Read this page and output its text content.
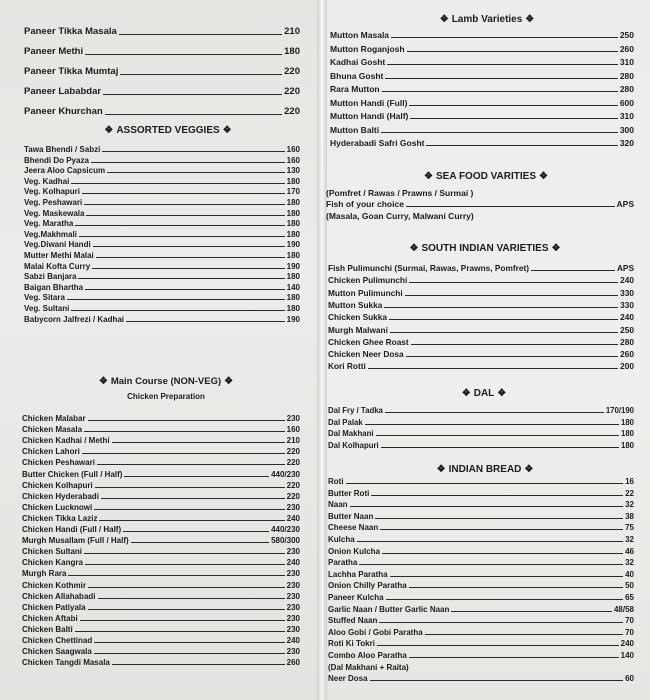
Paneer Tikka Masala	210
Paneer Methi	180
Paneer Tikka Mumtaj	220
Paneer Lababdar	220
Paneer Khurchan	220
❖ ASSORTED VEGGIES ❖
Tawa Bhendi / Sabzi	160
Bhendi Do Pyaza	160
Jeera Aloo Capsicum	130
Veg. Kadhai	180
Veg. Kolhapuri	170
Veg. Peshawari	180
Veg. Maskewala	180
Veg. Maratha	180
Veg.Makhmali	180
Veg.Diwani Handi	190
Mutter Methi Malai	180
Malai Kofta Curry	190
Sabzi Banjara	180
Baigan Bhartha	140
Veg. Sitara	180
Veg. Sultani	180
Babycorn Jalfrezi / Kadhai	190
❖ Main Course (NON-VEG) ❖
Chicken Preparation
Chicken Malabar	230
Chicken Masala	160
Chicken Kadhai / Methi	210
Chicken Lahori	220
Chicken Peshawari	220
Butter Chicken (Full / Half)	440/230
Chicken Kolhapuri	220
Chicken Hyderabadi	220
Chicken Lucknowi	230
Chicken Tikka Laziz	240
Chicken Handi (Full / Half)	440/230
Murgh Musallam (Full / Half)	580/300
Chicken Sultani	230
Chicken Kangra	240
Murgh Rara	230
Chicken Kothmir	230
Chicken Allahabadi	230
Chicken Patiyala	230
Chicken Aftabi	230
Chicken Balti	230
Chicken Chettinad	240
Chicken Saagwala	230
Chicken Tangdi Masala	260
❖ Lamb Varieties ❖
Mutton Masala	250
Mutton Roganjosh	260
Kadhai Gosht	310
Bhuna Gosht	280
Rara Mutton	280
Mutton Handi (Full)	600
Mutton Handi (Half)	310
Mutton Balti	300
Hyderabadi Safri Gosht	320
❖ SEA FOOD VARITIES ❖
(Pomfret / Rawas / Prawns / Surmai )
Fish of your choice	APS
(Masala, Goan Curry, Malwani Curry)
❖ SOUTH INDIAN VARIETIES ❖
Fish Pulimunchi (Surmai, Rawas, Prawns, Pomfret)	APS
Chicken Pulimunchi	240
Mutton Pulimunchi	330
Mutton Sukka	330
Chicken Sukka	240
Murgh Malwani	250
Chicken Ghee Roast	280
Chicken Neer Dosa	260
Kori Rotti	200
❖ DAL ❖
Dal Fry / Tadka	170/190
Dal Palak	180
Dal Makhani	180
Dal Kolhapuri	180
❖ INDIAN BREAD ❖
Roti	16
Butter Roti	22
Naan	32
Butter Naan	38
Cheese Naan	75
Kulcha	32
Onion Kulcha	46
Paratha	32
Lachha Paratha	40
Onion Chilly Paratha	50
Paneer Kulcha	65
Garlic Naan / Butter Garlic Naan	48/58
Stuffed Naan	70
Aloo Gobi / Gobi Paratha	70
Roti Ki Tokri	240
Combo Aloo Paratha	140
(Dal Makhani + Raita)
Neer Dosa	60
